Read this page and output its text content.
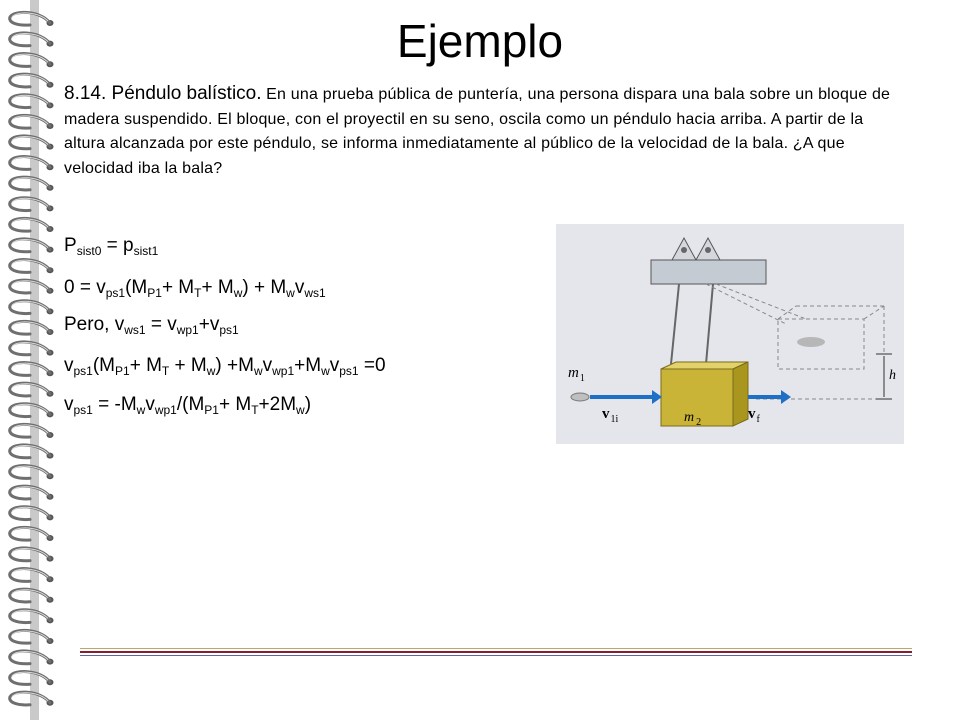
Ejemplo
8.14. Péndulo balístico. En una prueba pública de puntería, una persona dispara una bala sobre un bloque de madera suspendido. El bloque, con el proyectil en su seno, oscila como un péndulo hacia arriba. A partir de la altura alcanzada por este péndulo, se informa inmediatamente al público de la velocidad de la bala. ¿A que velocidad iba la bala?
$P_{sist0} = p_{sist1}$
$0 = v_{ps1}(M_{P1}+ M_T+ M_w) + M_wv_{ws1}$
Pero, $v_{ws1} = v_{wp1}+v_{ps1}$
$v_{ps1}(M_{P1}+ M_T + M_w) +M_wv_{wp1}+M_wv_{ps1} =0$
$v_{ps1} = -M_wv_{wp1}/(M_{P1}+ M_T+2M_w)$
h
m $_2$
$m_1$
$v_{1i}$	$v_f$
